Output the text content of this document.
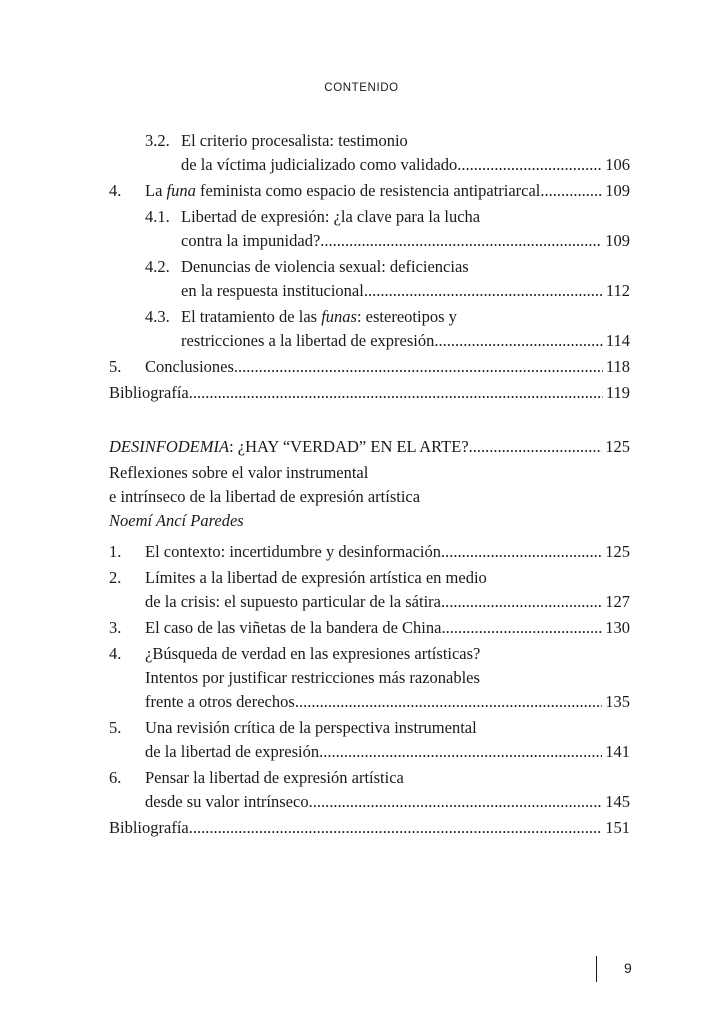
CONTENIDO
3.2. El criterio procesalista: testimonio
de la víctima judicializado como validado .....	106
4. La funa feminista como espacio de resistencia antipatriarcal .....	109
4.1. Libertad de expresión: ¿la clave para la lucha
contra la impunidad? .....	109
4.2. Denuncias de violencia sexual: deficiencias
en la respuesta institucional .....	112
4.3. El tratamiento de las funas: estereotipos y
restricciones a la libertad de expresión .....	114
5. Conclusiones .....	118
Bibliografía .....	119
DESINFODEMIA: ¿HAY “VERDAD” EN EL ARTE? .....	125
Reflexiones sobre el valor instrumental
e intrínseco de la libertad de expresión artística
Noemí Ancí Paredes
1. El contexto: incertidumbre y desinformación .....	125
2. Límites a la libertad de expresión artística en medio
de la crisis: el supuesto particular de la sátira .....	127
3. El caso de las viñetas de la bandera de China .....	130
4. ¿Búsqueda de verdad en las expresiones artísticas?
Intentos por justificar restricciones más razonables
frente a otros derechos .....	135
5. Una revisión crítica de la perspectiva instrumental
de la libertad de expresión .....	141
6. Pensar la libertad de expresión artística
desde su valor intrínseco .....	145
Bibliografía .....	151
9
